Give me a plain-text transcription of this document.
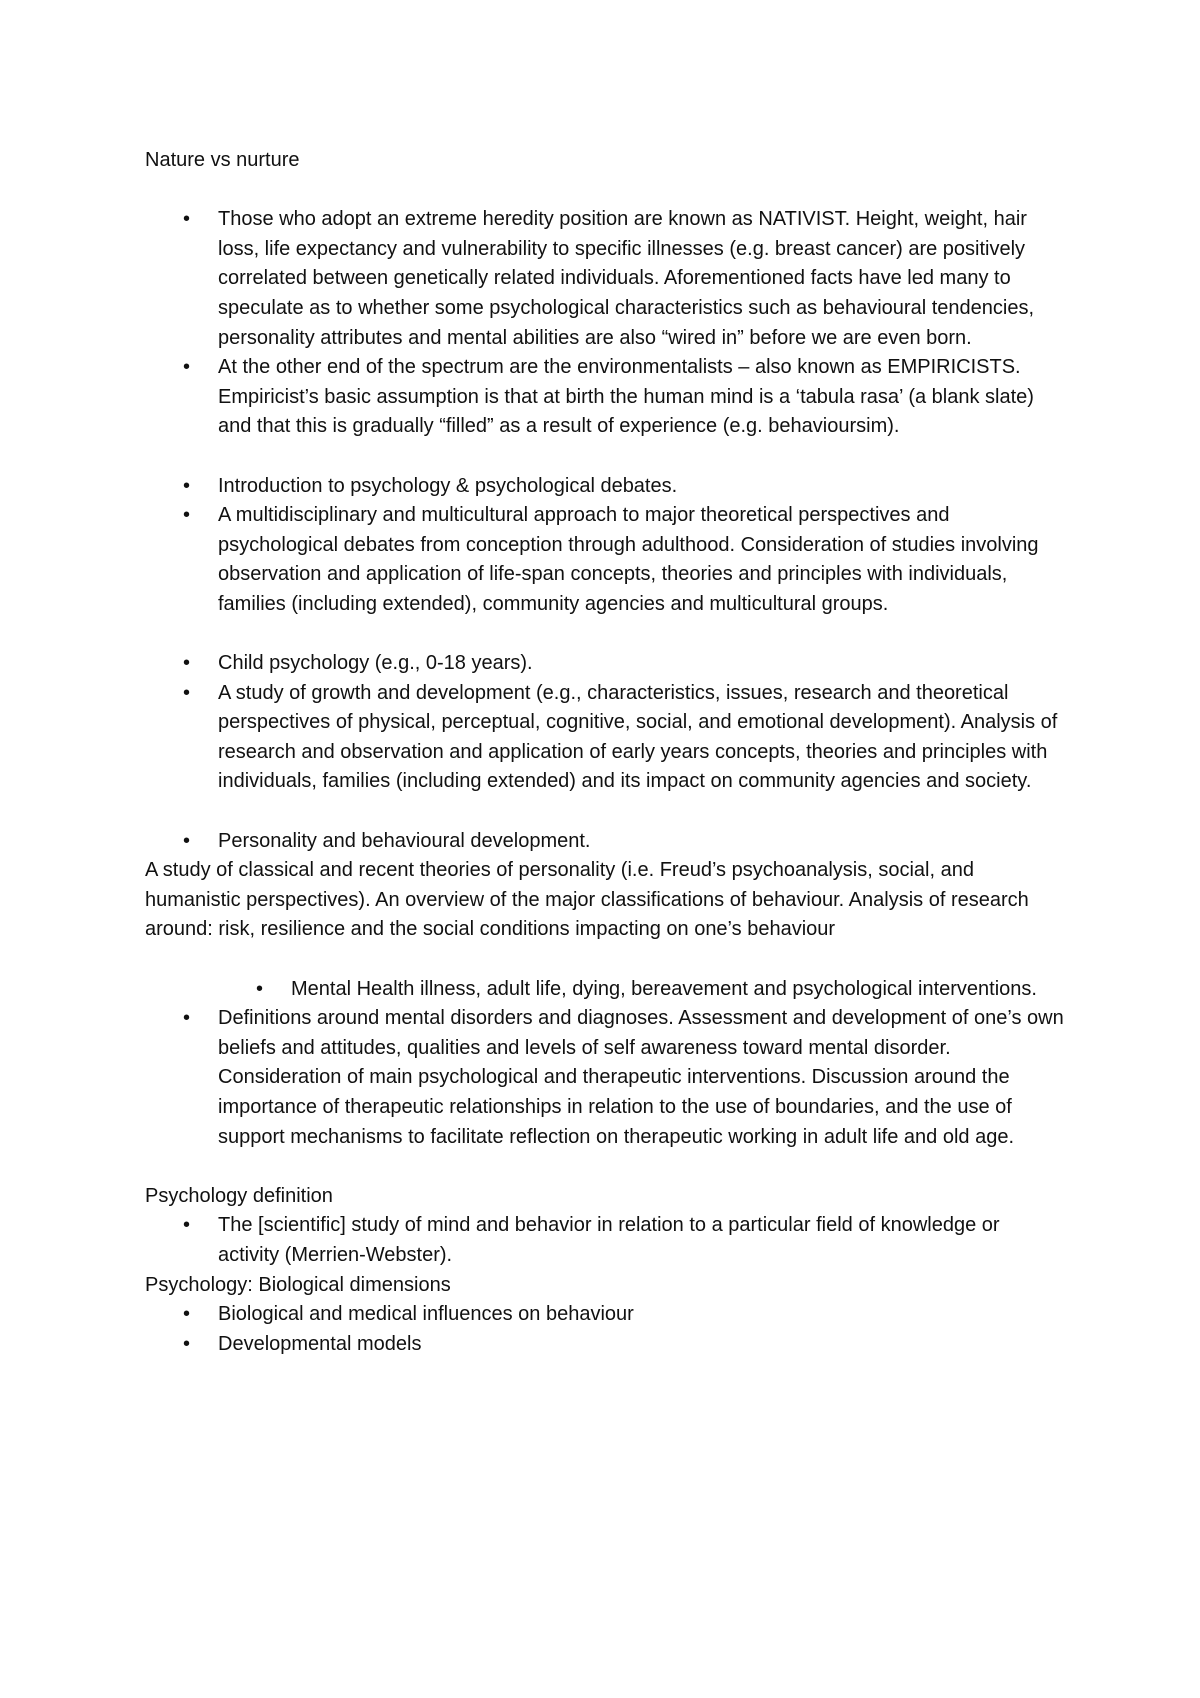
Nature vs nurture

• Those who adopt an extreme heredity position are known as NATIVIST. Height, weight, hair loss, life expectancy and vulnerability to specific illnesses (e.g. breast cancer) are positively correlated between genetically related individuals. Aforementioned facts have led many to speculate as to whether some psychological characteristics such as behavioural tendencies, personality attributes and mental abilities are also “wired in” before we are even born.
• At the other end of the spectrum are the environmentalists – also known as EMPIRICISTS. Empiricist’s basic assumption is that at birth the human mind is a ‘tabula rasa’ (a blank slate) and that this is gradually “filled” as a result of experience (e.g. behavioursim).
• Introduction to psychology & psychological debates.
• A multidisciplinary and multicultural approach to major theoretical perspectives and psychological debates from conception through adulthood. Consideration of studies involving observation and application of life-span concepts, theories and principles with individuals, families (including extended), community agencies and multicultural groups.
• Child psychology (e.g., 0-18 years).
• A study of growth and development (e.g., characteristics, issues, research and theoretical perspectives of physical, perceptual, cognitive, social, and emotional development). Analysis of research and observation and application of early years concepts, theories and principles with individuals, families (including extended) and its impact on community agencies and society.
• Personality and behavioural development.

A study of classical and recent theories of personality (i.e. Freud’s psychoanalysis, social, and humanistic perspectives). An overview of the major classifications of behaviour. Analysis of research around: risk, resilience and the social conditions impacting on one’s behaviour

• Mental Health illness, adult life, dying, bereavement and psychological interventions.
• Definitions around mental disorders and diagnoses. Assessment and development of one’s own beliefs and attitudes, qualities and levels of self awareness toward mental disorder. Consideration of main psychological and therapeutic interventions. Discussion around the importance of therapeutic relationships in relation to the use of boundaries, and the use of support mechanisms to facilitate reflection on therapeutic working in adult life and old age.

Psychology definition

• The [scientific] study of mind and behavior in relation to a particular field of knowledge or activity (Merrien-Webster).

Psychology: Biological dimensions

• Biological and medical influences on behaviour
• Developmental models
